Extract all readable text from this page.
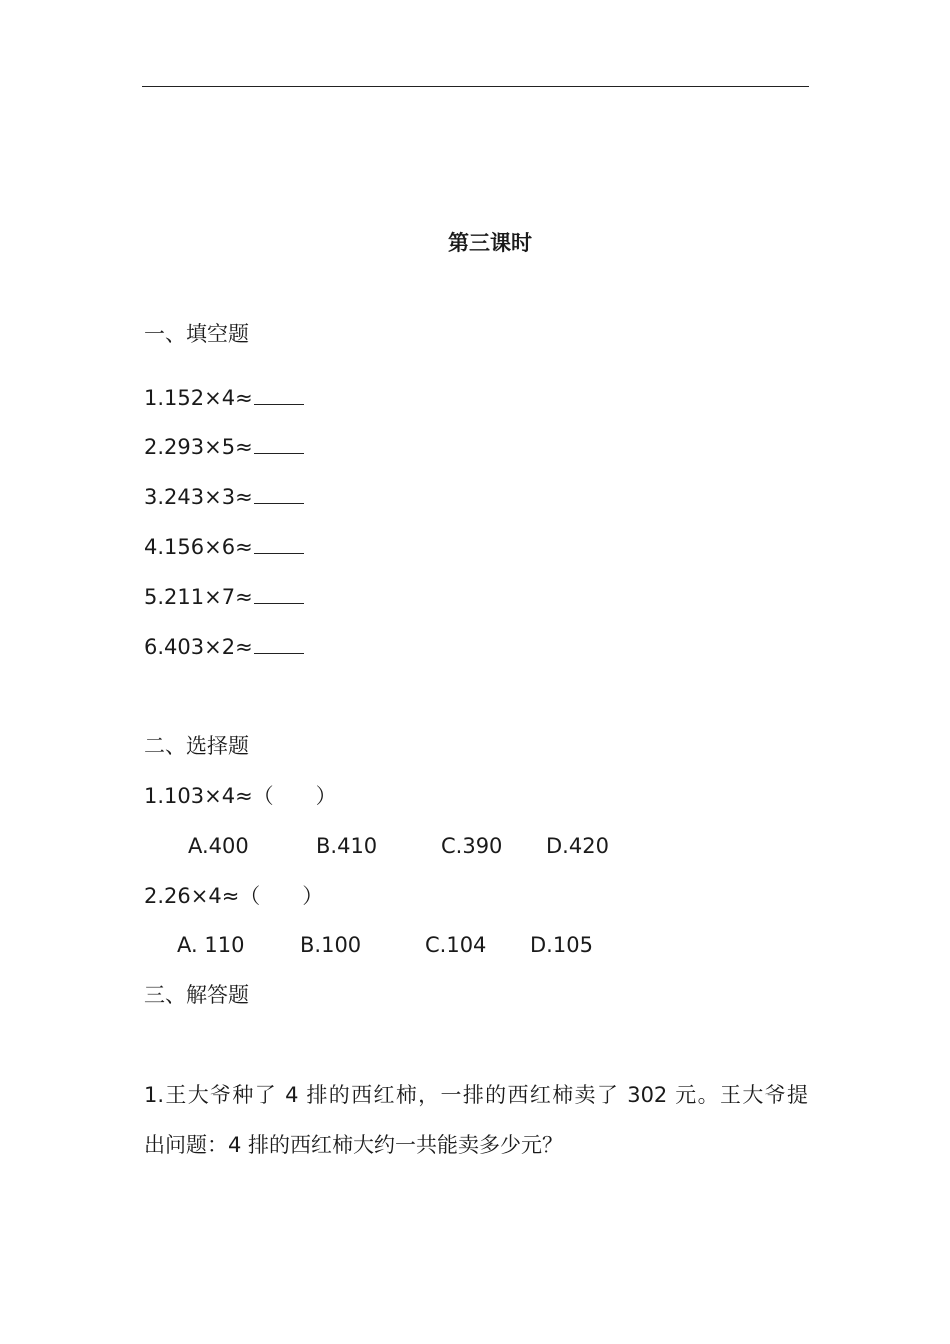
第三课时
一、填空题
1.152×4≈
2.293×5≈
3.243×3≈
4.156×6≈
5.211×7≈
6.403×2≈
二、选择题
1.103×4≈（　　）
A.400	B.410	C.390 D.420
2.26×4≈（　　）
A. 110	B.100	C.104 D.105
三、解答题
1.王大爷种了 4 排的西红柿，一排的西红柿卖了 302 元。王大爷提
出问题：4 排的西红柿大约一共能卖多少元？
